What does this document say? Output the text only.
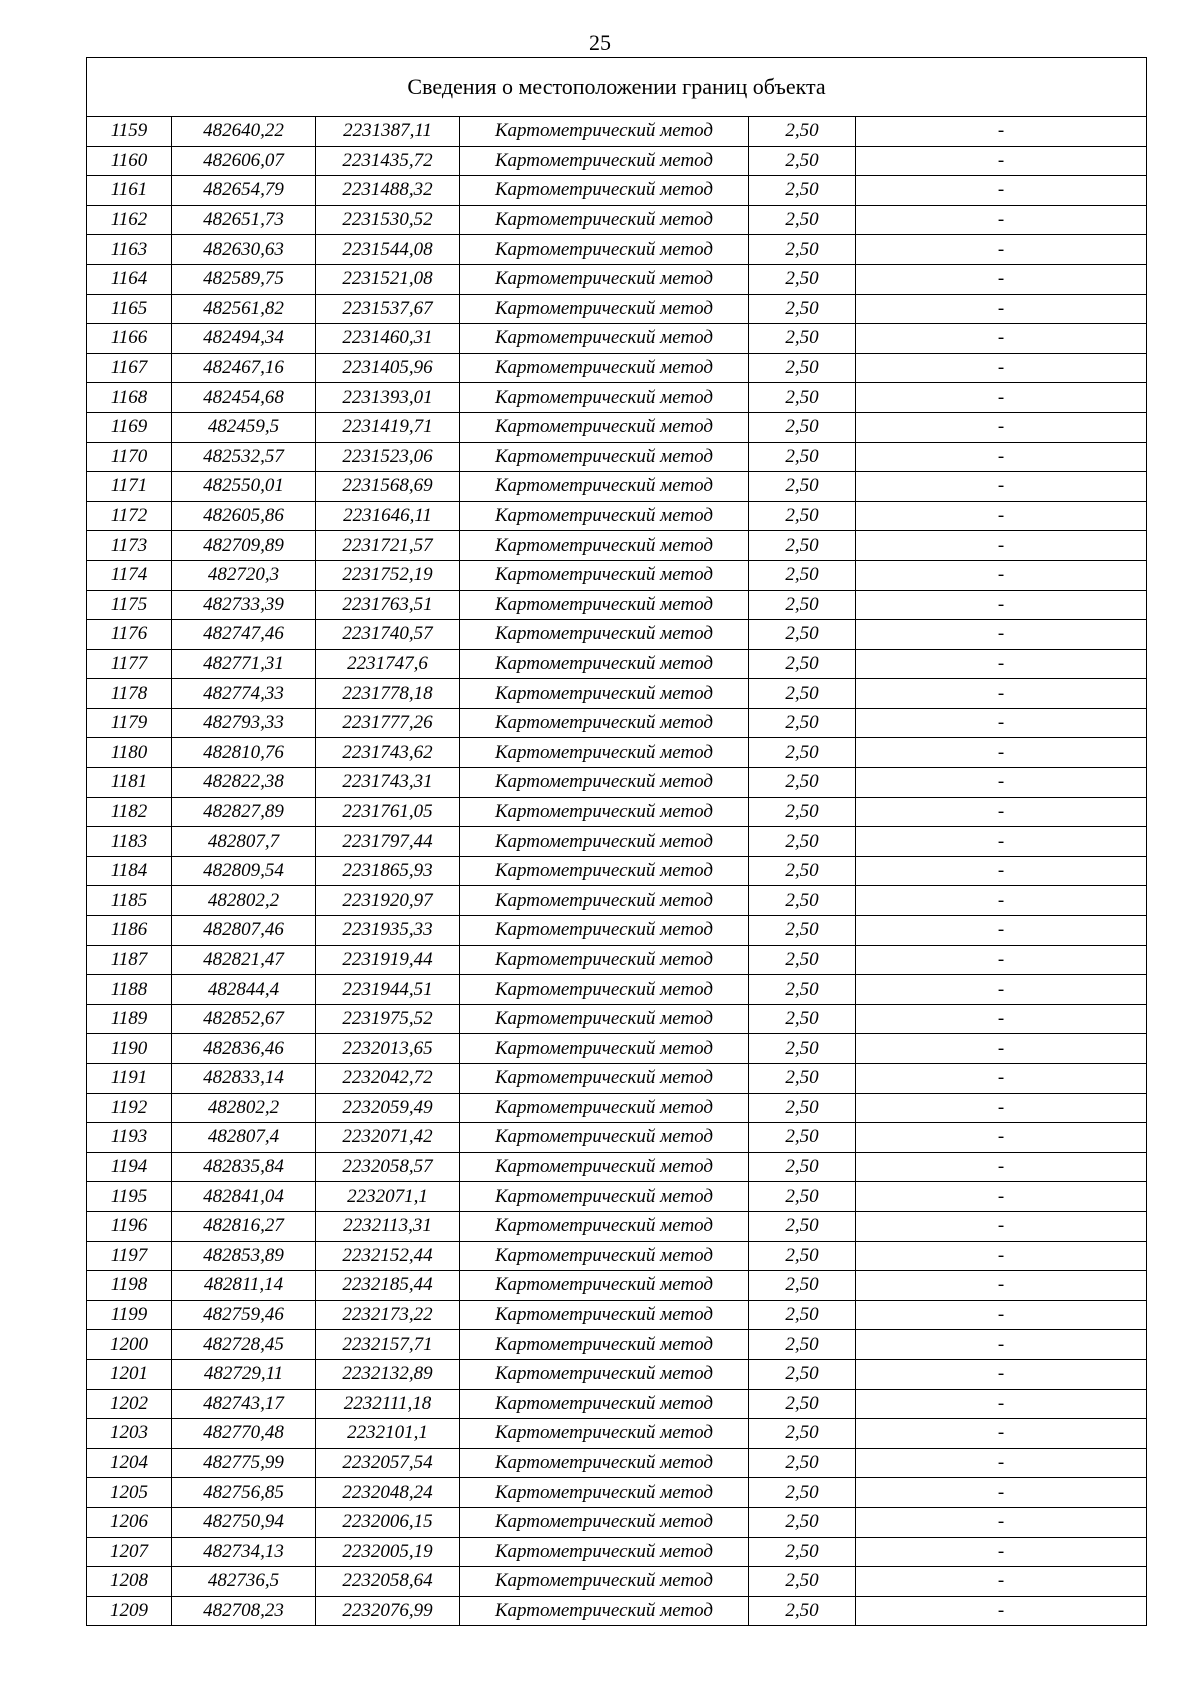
25
Сведения о местоположении границ объекта					
1159	482640,22	2231387,11	Картометрический метод	2,50	-
1160	482606,07	2231435,72	Картометрический метод	2,50	-
1161	482654,79	2231488,32	Картометрический метод	2,50	-
1162	482651,73	2231530,52	Картометрический метод	2,50	-
1163	482630,63	2231544,08	Картометрический метод	2,50	-
1164	482589,75	2231521,08	Картометрический метод	2,50	-
1165	482561,82	2231537,67	Картометрический метод	2,50	-
1166	482494,34	2231460,31	Картометрический метод	2,50	-
1167	482467,16	2231405,96	Картометрический метод	2,50	-
1168	482454,68	2231393,01	Картометрический метод	2,50	-
1169	482459,5	2231419,71	Картометрический метод	2,50	-
1170	482532,57	2231523,06	Картометрический метод	2,50	-
1171	482550,01	2231568,69	Картометрический метод	2,50	-
1172	482605,86	2231646,11	Картометрический метод	2,50	-
1173	482709,89	2231721,57	Картометрический метод	2,50	-
1174	482720,3	2231752,19	Картометрический метод	2,50	-
1175	482733,39	2231763,51	Картометрический метод	2,50	-
1176	482747,46	2231740,57	Картометрический метод	2,50	-
1177	482771,31	2231747,6	Картометрический метод	2,50	-
1178	482774,33	2231778,18	Картометрический метод	2,50	-
1179	482793,33	2231777,26	Картометрический метод	2,50	-
1180	482810,76	2231743,62	Картометрический метод	2,50	-
1181	482822,38	2231743,31	Картометрический метод	2,50	-
1182	482827,89	2231761,05	Картометрический метод	2,50	-
1183	482807,7	2231797,44	Картометрический метод	2,50	-
1184	482809,54	2231865,93	Картометрический метод	2,50	-
1185	482802,2	2231920,97	Картометрический метод	2,50	-
1186	482807,46	2231935,33	Картометрический метод	2,50	-
1187	482821,47	2231919,44	Картометрический метод	2,50	-
1188	482844,4	2231944,51	Картометрический метод	2,50	-
1189	482852,67	2231975,52	Картометрический метод	2,50	-
1190	482836,46	2232013,65	Картометрический метод	2,50	-
1191	482833,14	2232042,72	Картометрический метод	2,50	-
1192	482802,2	2232059,49	Картометрический метод	2,50	-
1193	482807,4	2232071,42	Картометрический метод	2,50	-
1194	482835,84	2232058,57	Картометрический метод	2,50	-
1195	482841,04	2232071,1	Картометрический метод	2,50	-
1196	482816,27	2232113,31	Картометрический метод	2,50	-
1197	482853,89	2232152,44	Картометрический метод	2,50	-
1198	482811,14	2232185,44	Картометрический метод	2,50	-
1199	482759,46	2232173,22	Картометрический метод	2,50	-
1200	482728,45	2232157,71	Картометрический метод	2,50	-
1201	482729,11	2232132,89	Картометрический метод	2,50	-
1202	482743,17	2232111,18	Картометрический метод	2,50	-
1203	482770,48	2232101,1	Картометрический метод	2,50	-
1204	482775,99	2232057,54	Картометрический метод	2,50	-
1205	482756,85	2232048,24	Картометрический метод	2,50	-
1206	482750,94	2232006,15	Картометрический метод	2,50	-
1207	482734,13	2232005,19	Картометрический метод	2,50	-
1208	482736,5	2232058,64	Картометрический метод	2,50	-
1209	482708,23	2232076,99	Картометрический метод	2,50	-
